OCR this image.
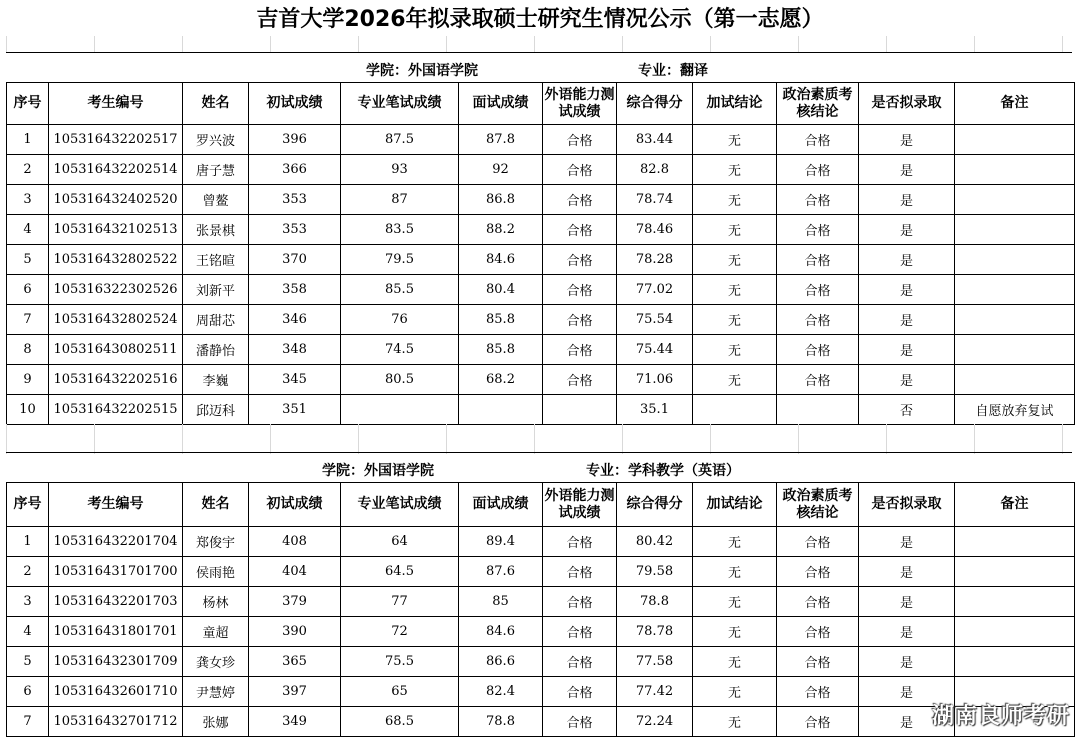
吉首大学2026年拟录取硕士研究生情况公示（第一志愿）
学院：外国语学院	专业：翻译
序号	考生编号	姓名	初试成绩	专业笔试成绩	面试成绩	外语能力测试成绩	综合得分	加试结论	政治素质考核结论	是否拟录取	备注
1	105316432202517	罗兴波	396	87.5	87.8	合格	83.44	无	合格	是	
2	105316432202514	唐子慧	366	93	92	合格	82.8	无	合格	是	
3	105316432402520	曾鳌	353	87	86.8	合格	78.74	无	合格	是	
4	105316432102513	张景棋	353	83.5	88.2	合格	78.46	无	合格	是	
5	105316432802522	王铭暄	370	79.5	84.6	合格	78.28	无	合格	是	
6	105316322302526	刘新平	358	85.5	80.4	合格	77.02	无	合格	是	
7	105316432802524	周甜芯	346	76	85.8	合格	75.54	无	合格	是	
8	105316430802511	潘静怡	348	74.5	85.8	合格	75.44	无	合格	是	
9	105316432202516	李巍	345	80.5	68.2	合格	71.06	无	合格	是	
10	105316432202515	邱迈科	351				35.1			否	自愿放弃复试
学院：外国语学院	专业：学科教学（英语）
序号	考生编号	姓名	初试成绩	专业笔试成绩	面试成绩	外语能力测试成绩	综合得分	加试结论	政治素质考核结论	是否拟录取	备注
1	105316432201704	郑俊宇	408	64	89.4	合格	80.42	无	合格	是	
2	105316431701700	侯雨艳	404	64.5	87.6	合格	79.58	无	合格	是	
3	105316432201703	杨林	379	77	85	合格	78.8	无	合格	是	
4	105316431801701	童超	390	72	84.6	合格	78.78	无	合格	是	
5	105316432301709	龚女珍	365	75.5	86.6	合格	77.58	无	合格	是	
6	105316432601710	尹慧婷	397	65	82.4	合格	77.42	无	合格	是	
7	105316432701712	张娜	349	68.5	78.8	合格	72.24	无	合格	是	湖南良师考研
